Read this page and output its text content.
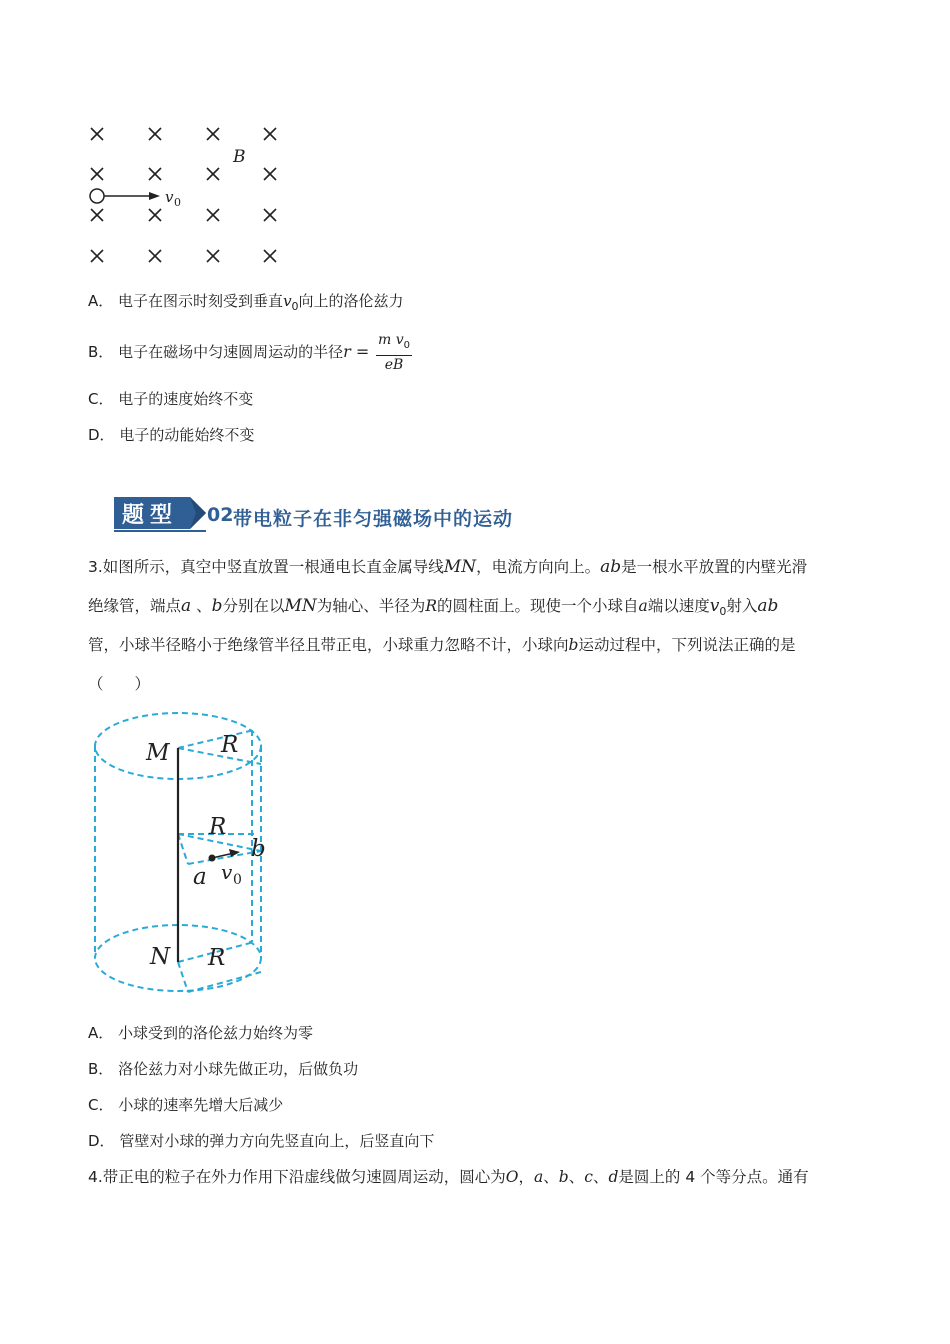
B
v 0
A． 电子在图示时刻受到垂直$v_0$向上的洛伦兹力
B． 电子在磁场中匀速圆周运动的半径$r = \frac{m v_0}{eB}$
C． 电子的速度始终不变
D． 电子的动能始终不变
题型 02 带电粒子在非匀强磁场中的运动
3.如图所示，真空中竖直放置一根通电长直金属导线MN，电流方向向上。ab是一根水平放置的内壁光滑
绝缘管，端点a 、b分别在以MN为轴心、半径为R的圆柱面上。现使一个小球自a端以速度$v_0$射入ab
管，小球半径略小于绝缘管半径且带正电，小球重力忽略不计，小球向b运动过程中，下列说法正确的是
（　　）
M R
R
b
a v 0
N R
A． 小球受到的洛伦兹力始终为零
B． 洛伦兹力对小球先做正功，后做负功
C． 小球的速率先增大后减少
D． 管壁对小球的弹力方向先竖直向上，后竖直向下
4.带正电的粒子在外力作用下沿虚线做匀速圆周运动，圆心为O，a、b、c、d是圆上的 4 个等分点。通有
